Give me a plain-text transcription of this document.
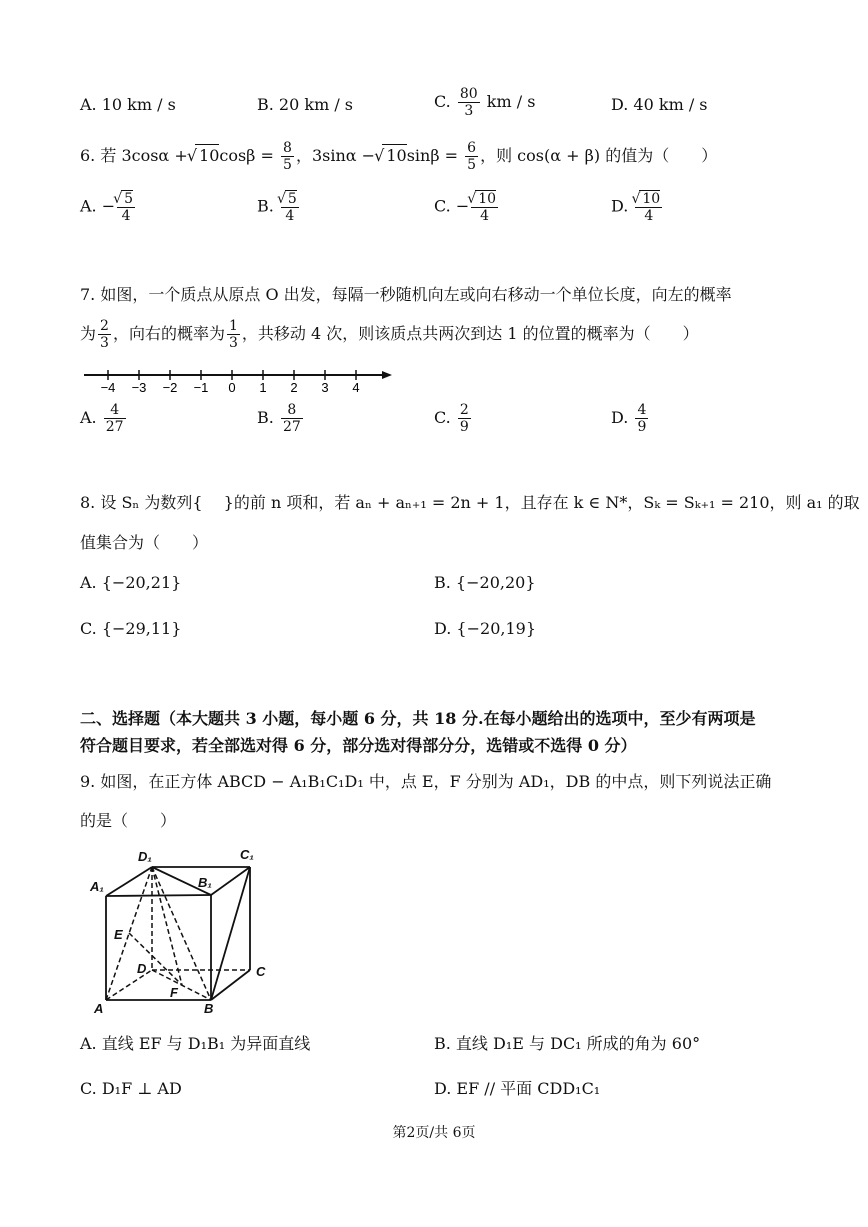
A. 10 km / s	B. 20 km / s	C. $\frac{80}{3}$ km / s	D. 40 km / s
6. 若 3cosα + √ $10\cos\beta = \frac{8}{5}$ ，3sinα − √ $10\sin\beta = \frac{6}{5}$ ，则 cos(α + β) 的值为（　　）
A. − √ $\frac{5}{4}$	B. √ $\frac{5}{4}$	C. − √ $\frac{10}{4}$	D. √ $\frac{10}{4}$
7. 如图，一个质点从原点 O 出发，每隔一秒随机向左或向右移动一个单位长度，向左的概率
为 $\frac{2}{3}$ ，向右的概率为 $\frac{1}{3}$ ，共移动 4 次，则该质点共两次到达 1 的位置的概率为（　　）
−4 −3 −2 −1 0 1 2 3 4
A. $\frac{4}{27}$	B. $\frac{8}{27}$	C. $\frac{2}{9}$	D. $\frac{4}{9}$
8. 设 Sₙ 为数列{　 }的前 n 项和，若 aₙ + aₙ₊₁ = 2n + 1，且存在 k ∈ N*，Sₖ = Sₖ₊₁ = 210，则 a₁ 的取
值集合为（　　）
A. {−20,21}	B. {−20,20}
C. {−29,11}	D. {−20,19}
二、选择题（本大题共 3 小题，每小题 6 分，共 18 分.在每小题给出的选项中，至少有两项是
符合题目要求，若全部选对得 6 分，部分选对得部分分，选错或不选得 0 分）
9. 如图，在正方体 ABCD − A₁B₁C₁D₁ 中，点 E，F 分别为 AD₁，DB 的中点，则下列说法正确
的是（　　）
D₁	C₁
A₁	B₁
E
D	C
F
A	B
A. 直线 EF 与 D₁B₁ 为异面直线	B. 直线 D₁E 与 DC₁ 所成的角为 60°
C. D₁F ⊥ AD	D. EF // 平面 CDD₁C₁
第2页/共 6页
